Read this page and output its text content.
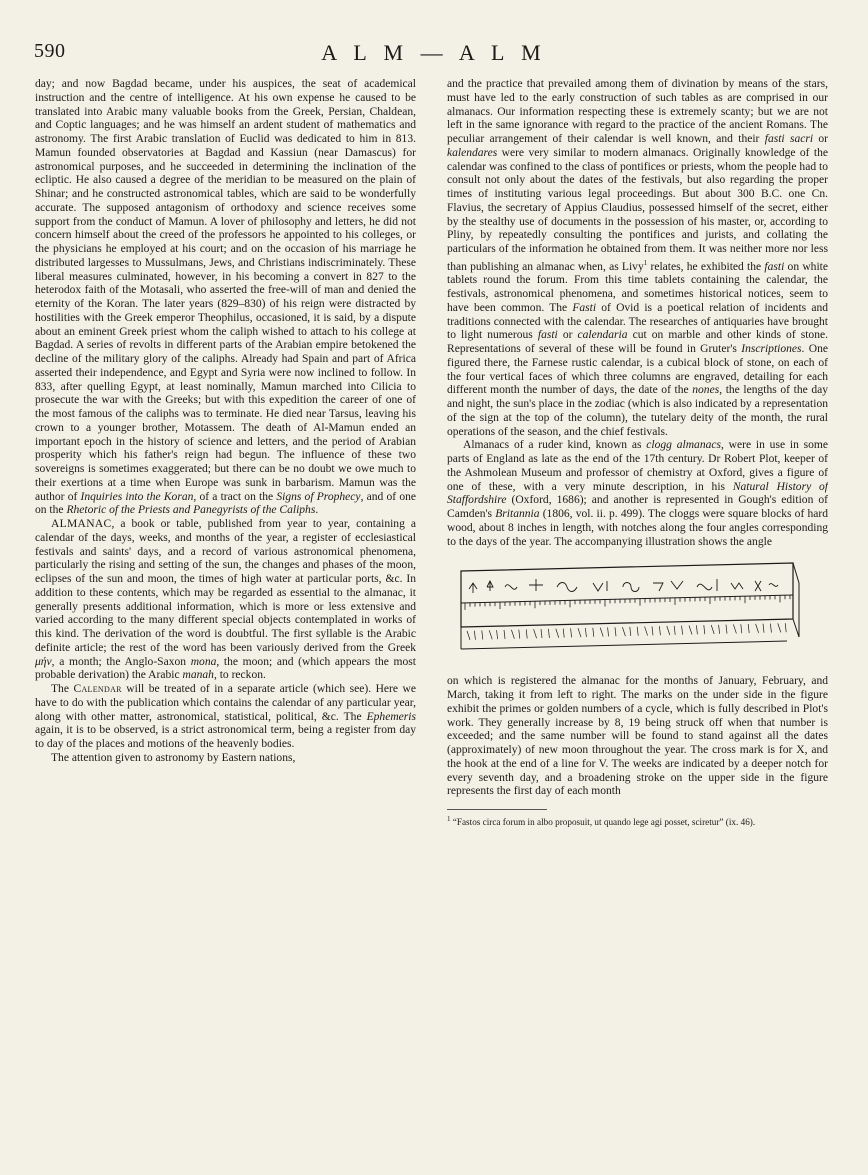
590	A L M — A L M

day; and now Bagdad became, under his auspices, the seat of academical instruction and the centre of intelligence. At his own expense he caused to be translated into Arabic many valuable books from the Greek, Persian, Chaldean, and Coptic languages; and he was himself an ardent student of mathematics and astronomy. The first Arabic translation of Euclid was dedicated to him in 813. Mamun founded observatories at Bagdad and Kassiun (near Damascus) for astronomical purposes, and he succeeded in determining the inclination of the ecliptic. He also caused a degree of the meridian to be measured on the plain of Shinar; and he constructed astronomical tables, which are said to be wonderfully accurate. The supposed antagonism of orthodoxy and science receives some support from the conduct of Mamun. A lover of philosophy and letters, he did not concern himself about the creed of the professors he appointed to his colleges, or the physicians he employed at his court; and on the occasion of his marriage he distributed largesses to Mussulmans, Jews, and Christians indiscriminately. These liberal measures culminated, however, in his becoming a convert in 827 to the heterodox faith of the Motasali, who asserted the free-will of man and denied the eternity of the Koran. The later years (829–830) of his reign were distracted by hostilities with the Greek emperor Theophilus, occasioned, it is said, by a dispute about an eminent Greek priest whom the caliph wished to attach to his college at Bagdad. A series of revolts in different parts of the Arabian empire betokened the decline of the military glory of the caliphs. Already had Spain and part of Africa asserted their independence, and Egypt and Syria were now inclined to follow. In 833, after quelling Egypt, at least nominally, Mamun marched into Cilicia to prosecute the war with the Greeks; but with this expedition the career of one of the most famous of the caliphs was to terminate. He died near Tarsus, leaving his crown to a younger brother, Motassem. The death of Al-Mamun ended an important epoch in the history of science and letters, and the period of Arabian prosperity which his father's reign had begun. The influence of these two sovereigns is sometimes exaggerated; but there can be no doubt we owe much to their exertions at a time when Europe was sunk in barbarism. Mamun was the author of Inquiries into the Koran, of a tract on the Signs of Prophecy, and of one on the Rhetoric of the Priests and Panegyrists of the Caliphs.

ALMANAC, a book or table, published from year to year, containing a calendar of the days, weeks, and months of the year, a register of ecclesiastical festivals and saints' days, and a record of various astronomical phenomena, particularly the rising and setting of the sun, the changes and phases of the moon, eclipses of the sun and moon, the times of high water at particular ports, &c. In addition to these contents, which may be regarded as essential to the almanac, it generally presents additional information, which is more or less extensive and varied according to the many different special objects contemplated in works of this kind. The derivation of the word is doubtful. The first syllable is the Arabic definite article; the rest of the word has been variously derived from the Greek μήν, a month; the Anglo-Saxon mona, the moon; and (which appears the most probable derivation) the Arabic manah, to reckon.

The Calendar will be treated of in a separate article (which see). Here we have to do with the publication which contains the calendar of any particular year, along with other matter, astronomical, statistical, political, &c. The Ephemeris again, it is to be observed, is a strict astronomical term, being a register from day to day of the places and motions of the heavenly bodies.

The attention given to astronomy by Eastern nations,

and the practice that prevailed among them of divination by means of the stars, must have led to the early construction of such tables as are comprised in our almanacs. Our information respecting these is extremely scanty; but we are not left in the same ignorance with regard to the practice of the ancient Romans. The peculiar arrangement of their calendar is well known, and their fasti sacri or kalendares were very similar to modern almanacs. Originally knowledge of the calendar was confined to the class of pontifices or priests, whom the people had to consult not only about the dates of the festivals, but also regarding the proper times of instituting various legal proceedings. But about 300 B.C. one Cn. Flavius, the secretary of Appius Claudius, possessed himself of the secret, either by the stealthy use of documents in the possession of his master, or, according to Pliny, by repeatedly consulting the pontifices and jurists, and collating the particulars of the information he obtained from them. It was neither more nor less than publishing an almanac when, as Livy$^1$ relates, he exhibited the fasti on white tablets round the forum. From this time tablets containing the calendar, the festivals, astronomical phenomena, and sometimes historical notices, seem to have been common. The Fasti of Ovid is a poetical relation of incidents and traditions connected with the calendar. The researches of antiquaries have brought to light numerous fasti or calendaria cut on marble and other kinds of stone. Representations of several of these will be found in Gruter's Inscriptiones. One figured there, the Farnese rustic calendar, is a cubical block of stone, on each of the four vertical faces of which three columns are engraved, detailing for each different month the number of days, the date of the nones, the lengths of the day and night, the sun's place in the zodiac (which is also indicated by a representation of the sign at the top of the column), the tutelary deity of the month, the rural operations of the season, and the chief festivals.

Almanacs of a ruder kind, known as clogg almanacs, were in use in some parts of England as late as the end of the 17th century. Dr Robert Plot, keeper of the Ashmolean Museum and professor of chemistry at Oxford, gives a figure of one of these, with a very minute description, in his Natural History of Staffordshire (Oxford, 1686); and another is represented in Gough's edition of Camden's Britannia (1806, vol. ii. p. 499). The cloggs were square blocks of hard wood, about 8 inches in length, with notches along the four angles corresponding to the days of the year. The accompanying illustration shows the angle

on which is registered the almanac for the months of January, February, and March, taking it from left to right. The marks on the under side in the figure exhibit the primes or golden numbers of a cycle, which is fully described in Plot's work. They generally increase by 8, 19 being struck off when that number is exceeded; and the same number will be found to stand against all the dates (approximately) of new moon throughout the year. The cross mark is for X, and the hook at the end of a line for V. The weeks are indicated by a deeper notch for every seventh day, and a broadening stroke on the upper side in the figure represents the first day of each month

$^1$ “Fastos circa forum in albo proposuit, ut quando lege agi posset, sciretur” (ix. 46).
